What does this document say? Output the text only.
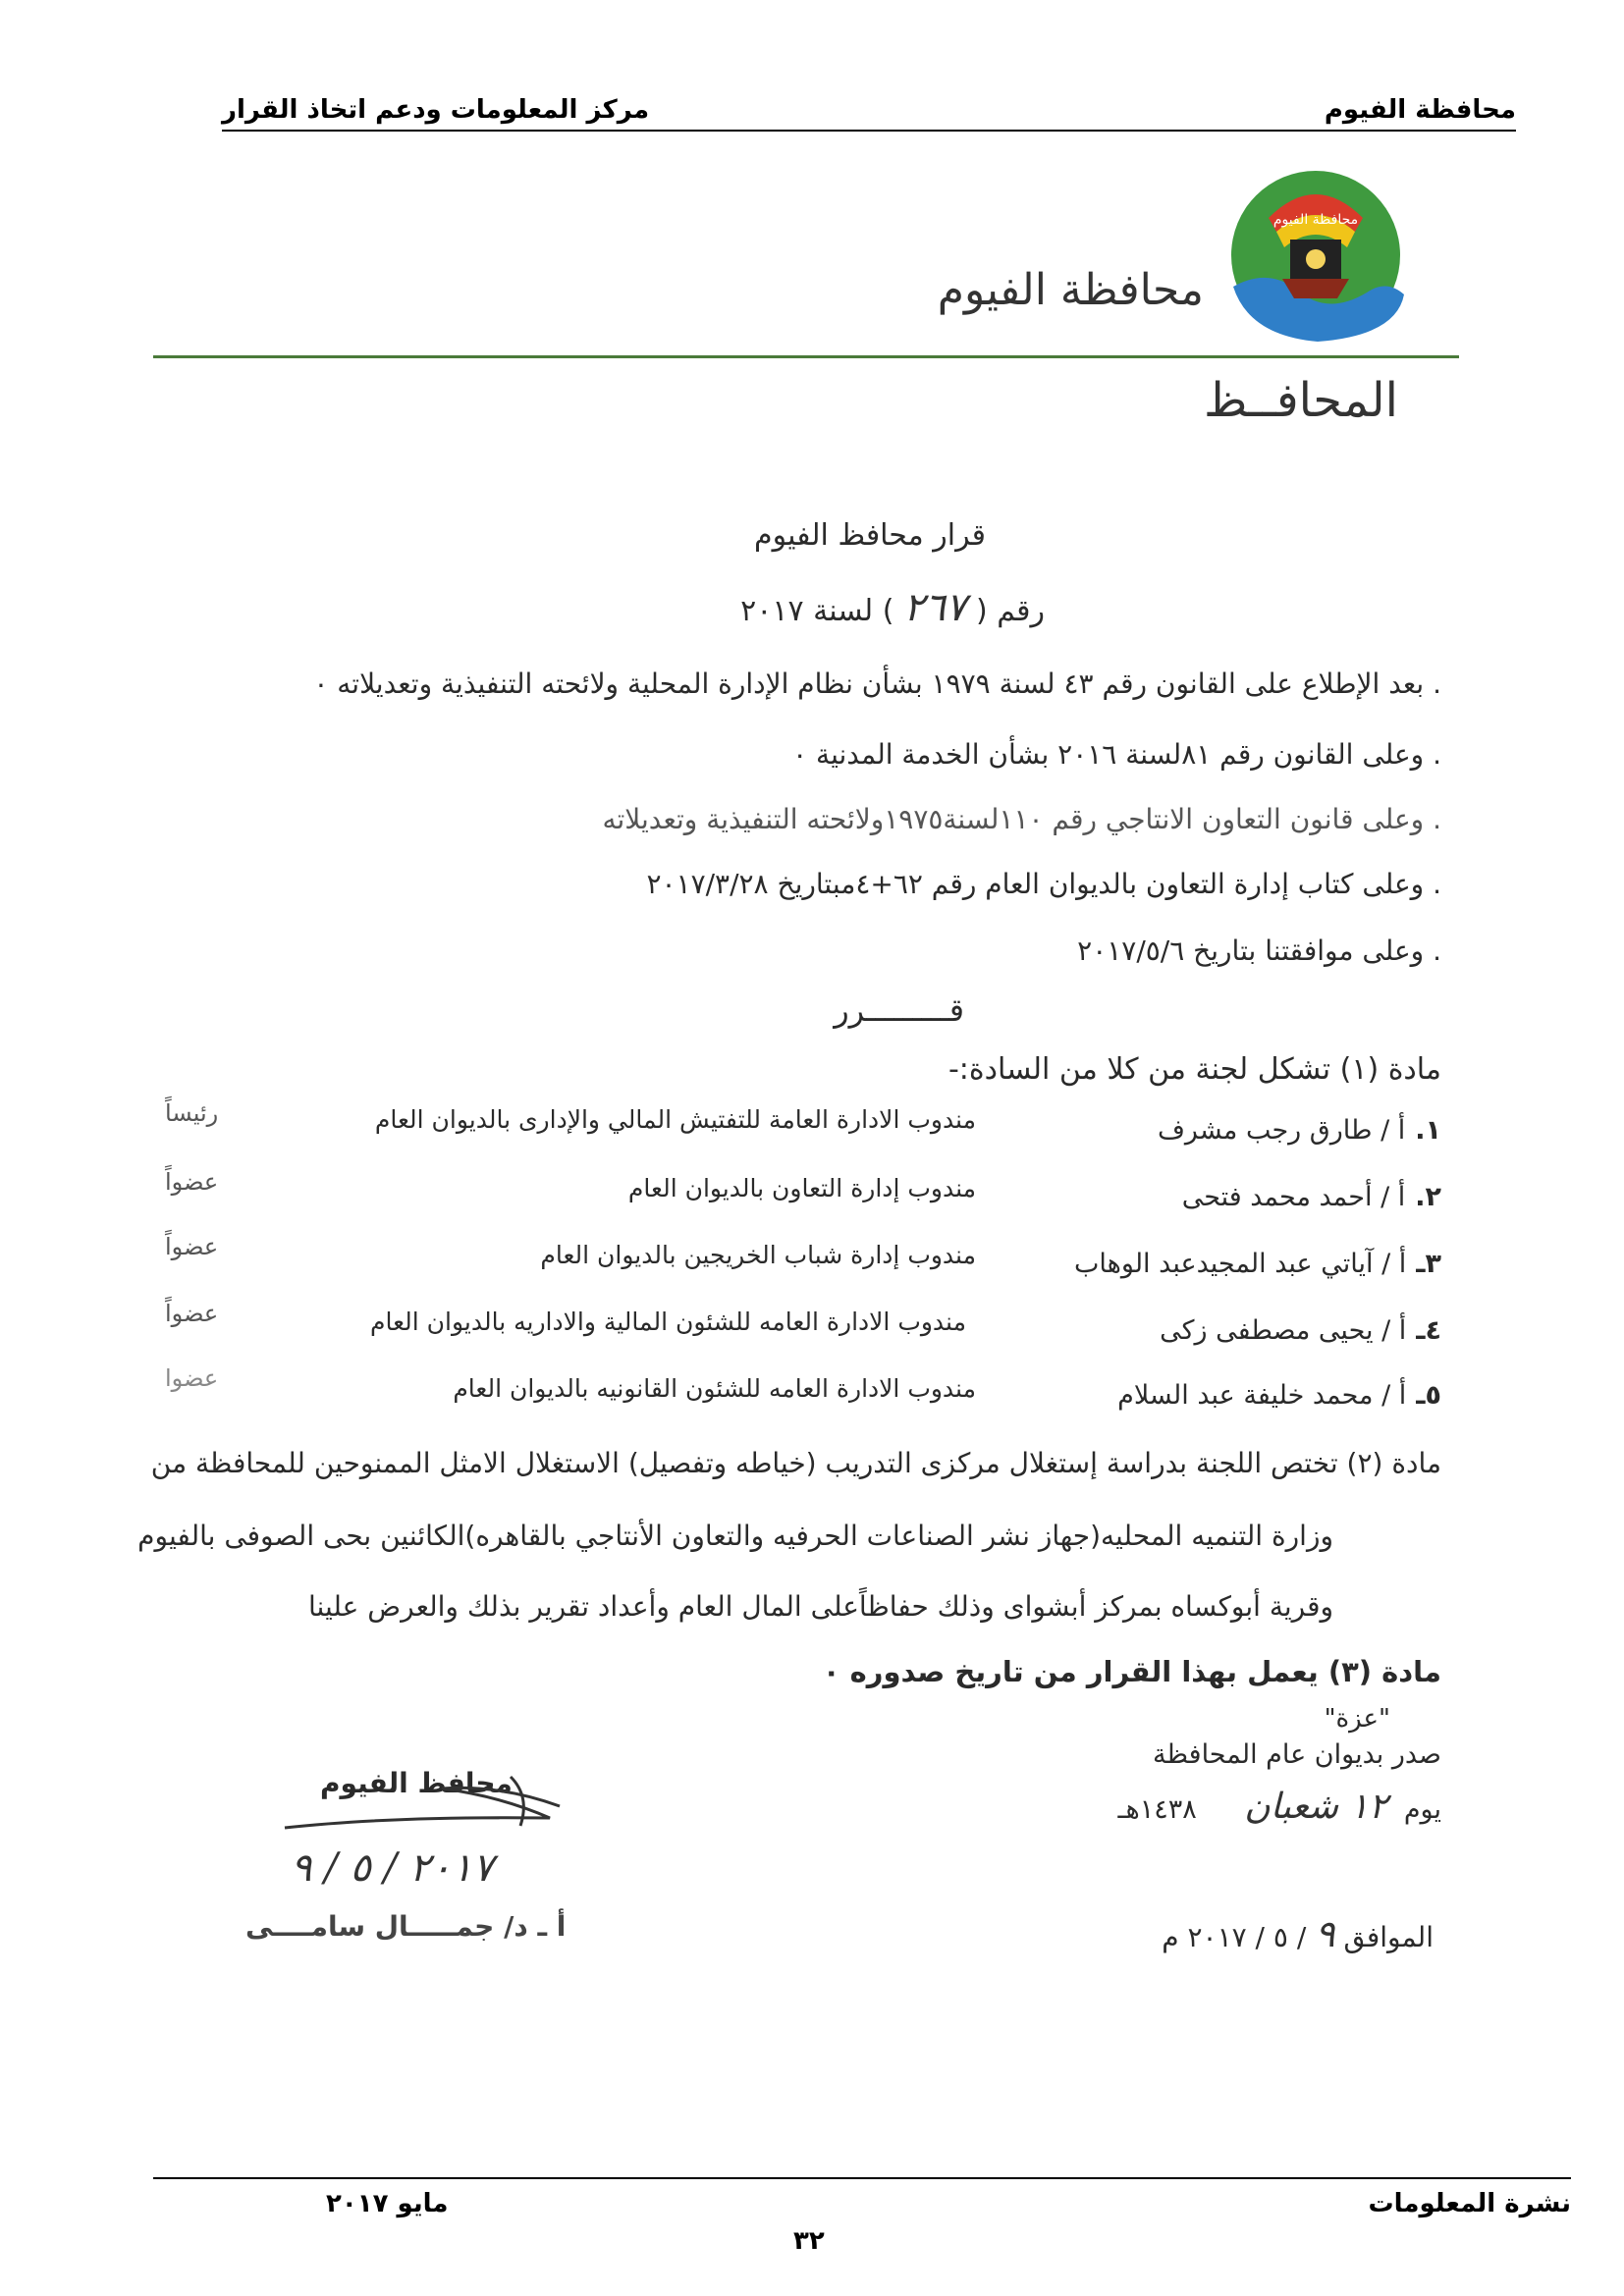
محافظة الفيوم
مركز المعلومات ودعم اتخاذ القرار
محافظة الفيوم
محافظة الفيوم
المحافــظ
قرار محافظ الفيوم
رقم ( ٢٦٧ ) لسنة ٢٠١٧
. بعد الإطلاع على القانون رقم ٤٣ لسنة ١٩٧٩ بشأن نظام الإدارة المحلية ولائحته التنفيذية وتعديلاته ٠
. وعلى القانون رقم ٨١لسنة ٢٠١٦ بشأن الخدمة المدنية ٠
. وعلى قانون التعاون الانتاجي رقم ١١٠لسنة١٩٧٥ولائحته التنفيذية وتعديلاته
. وعلى كتاب إدارة التعاون بالديوان العام رقم ٦٢+٤مبتاريخ ٢٠١٧/٣/٢٨
. وعلى موافقتنا بتاريخ ٢٠١٧/٥/٦
قـــــــــرر
مادة (١) تشكل لجنة من كلا من السادة:-
١.أ / طارق رجب مشرف
مندوب الادارة العامة للتفتيش المالي والإدارى بالديوان العام
رئيساً
٢.أ / أحمد محمد فتحى
مندوب إدارة التعاون بالديوان العام
عضواً
٣ـأ / آياتي عبد المجيدعبد الوهاب
مندوب إدارة شباب الخريجين بالديوان العام
عضواً
٤ـأ / يحيى مصطفى زكى
مندوب الادارة العامه للشئون المالية والاداريه بالديوان العام
عضواً
٥ـأ / محمد خليفة عبد السلام
مندوب الادارة العامه للشئون القانونيه بالديوان العام
عضوا
مادة (٢) تختص اللجنة بدراسة إستغلال مركزى التدريب (خياطه وتفصيل) الاستغلال الامثل الممنوحين للمحافظة من
وزارة التنميه المحليه(جهاز نشر الصناعات الحرفيه والتعاون الأنتاجي بالقاهره)الكائنين بحى الصوفى بالفيوم
وقرية أبوكساه بمركز أبشواى وذلك حفاظاًعلى المال العام وأعداد تقرير بذلك والعرض علينا
مادة (٣) يعمل بهذا القرار من تاريخ صدوره ٠
"عزة"
صدر بديوان عام المحافظة
يوم ١٢ شعبان ١٤٣٨هـ
الموافق ٩ / ٥ / ٢٠١٧ م
محافظ الفيوم
٢٠١٧ / ٥ / ٩
أ ـ د/ جمـــــال سامــــى
نشرة المعلومات
مايو ٢٠١٧
٣٢
